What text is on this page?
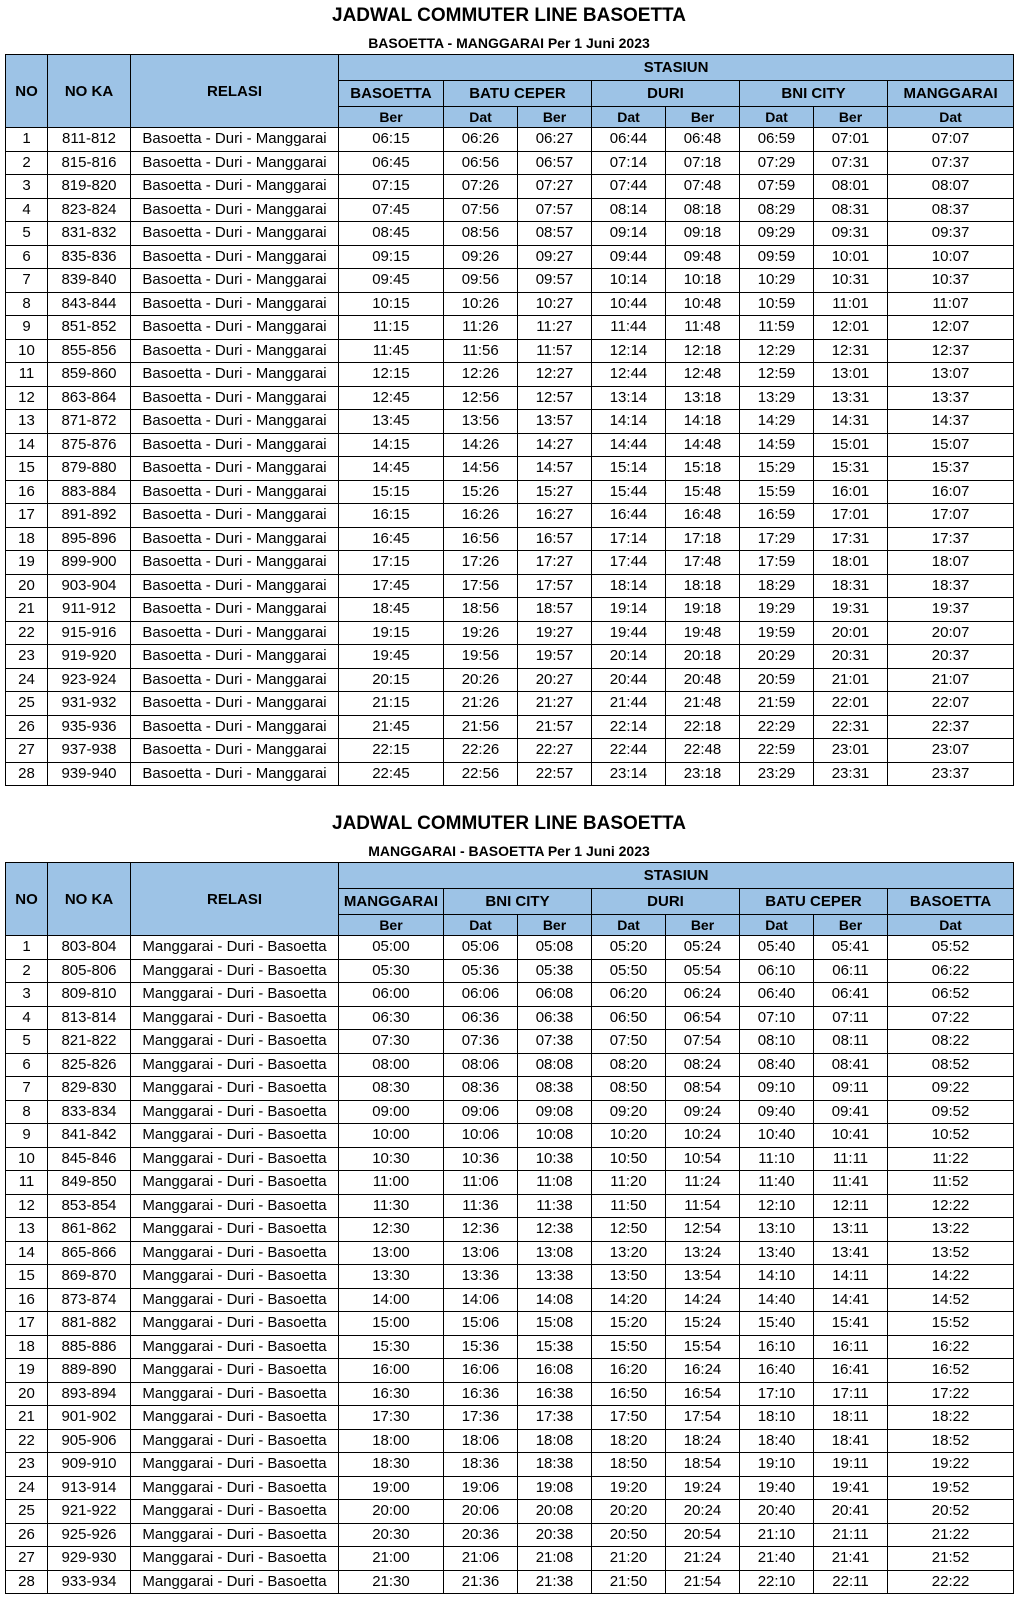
JADWAL COMMUTER LINE BASOETTA
BASOETTA - MANGGARAI Per 1 Juni 2023
NO	NO KA	RELASI	STASIUN							
			BASOETTA	BATU CEPER		DURI		BNI CITY		MANGGARAI
			Ber	Dat	Ber	Dat	Ber	Dat	Ber	Dat
1	811-812	Basoetta - Duri - Manggarai	06:15	06:26	06:27	06:44	06:48	06:59	07:01	07:07
2	815-816	Basoetta - Duri - Manggarai	06:45	06:56	06:57	07:14	07:18	07:29	07:31	07:37
3	819-820	Basoetta - Duri - Manggarai	07:15	07:26	07:27	07:44	07:48	07:59	08:01	08:07
4	823-824	Basoetta - Duri - Manggarai	07:45	07:56	07:57	08:14	08:18	08:29	08:31	08:37
5	831-832	Basoetta - Duri - Manggarai	08:45	08:56	08:57	09:14	09:18	09:29	09:31	09:37
6	835-836	Basoetta - Duri - Manggarai	09:15	09:26	09:27	09:44	09:48	09:59	10:01	10:07
7	839-840	Basoetta - Duri - Manggarai	09:45	09:56	09:57	10:14	10:18	10:29	10:31	10:37
8	843-844	Basoetta - Duri - Manggarai	10:15	10:26	10:27	10:44	10:48	10:59	11:01	11:07
9	851-852	Basoetta - Duri - Manggarai	11:15	11:26	11:27	11:44	11:48	11:59	12:01	12:07
10	855-856	Basoetta - Duri - Manggarai	11:45	11:56	11:57	12:14	12:18	12:29	12:31	12:37
11	859-860	Basoetta - Duri - Manggarai	12:15	12:26	12:27	12:44	12:48	12:59	13:01	13:07
12	863-864	Basoetta - Duri - Manggarai	12:45	12:56	12:57	13:14	13:18	13:29	13:31	13:37
13	871-872	Basoetta - Duri - Manggarai	13:45	13:56	13:57	14:14	14:18	14:29	14:31	14:37
14	875-876	Basoetta - Duri - Manggarai	14:15	14:26	14:27	14:44	14:48	14:59	15:01	15:07
15	879-880	Basoetta - Duri - Manggarai	14:45	14:56	14:57	15:14	15:18	15:29	15:31	15:37
16	883-884	Basoetta - Duri - Manggarai	15:15	15:26	15:27	15:44	15:48	15:59	16:01	16:07
17	891-892	Basoetta - Duri - Manggarai	16:15	16:26	16:27	16:44	16:48	16:59	17:01	17:07
18	895-896	Basoetta - Duri - Manggarai	16:45	16:56	16:57	17:14	17:18	17:29	17:31	17:37
19	899-900	Basoetta - Duri - Manggarai	17:15	17:26	17:27	17:44	17:48	17:59	18:01	18:07
20	903-904	Basoetta - Duri - Manggarai	17:45	17:56	17:57	18:14	18:18	18:29	18:31	18:37
21	911-912	Basoetta - Duri - Manggarai	18:45	18:56	18:57	19:14	19:18	19:29	19:31	19:37
22	915-916	Basoetta - Duri - Manggarai	19:15	19:26	19:27	19:44	19:48	19:59	20:01	20:07
23	919-920	Basoetta - Duri - Manggarai	19:45	19:56	19:57	20:14	20:18	20:29	20:31	20:37
24	923-924	Basoetta - Duri - Manggarai	20:15	20:26	20:27	20:44	20:48	20:59	21:01	21:07
25	931-932	Basoetta - Duri - Manggarai	21:15	21:26	21:27	21:44	21:48	21:59	22:01	22:07
26	935-936	Basoetta - Duri - Manggarai	21:45	21:56	21:57	22:14	22:18	22:29	22:31	22:37
27	937-938	Basoetta - Duri - Manggarai	22:15	22:26	22:27	22:44	22:48	22:59	23:01	23:07
28	939-940	Basoetta - Duri - Manggarai	22:45	22:56	22:57	23:14	23:18	23:29	23:31	23:37
JADWAL COMMUTER LINE BASOETTA
MANGGARAI - BASOETTA Per 1 Juni 2023
NO	NO KA	RELASI	STASIUN							
			MANGGARAI	BNI CITY		DURI		BATU CEPER		BASOETTA
			Ber	Dat	Ber	Dat	Ber	Dat	Ber	Dat
1	803-804	Manggarai - Duri - Basoetta	05:00	05:06	05:08	05:20	05:24	05:40	05:41	05:52
2	805-806	Manggarai - Duri - Basoetta	05:30	05:36	05:38	05:50	05:54	06:10	06:11	06:22
3	809-810	Manggarai - Duri - Basoetta	06:00	06:06	06:08	06:20	06:24	06:40	06:41	06:52
4	813-814	Manggarai - Duri - Basoetta	06:30	06:36	06:38	06:50	06:54	07:10	07:11	07:22
5	821-822	Manggarai - Duri - Basoetta	07:30	07:36	07:38	07:50	07:54	08:10	08:11	08:22
6	825-826	Manggarai - Duri - Basoetta	08:00	08:06	08:08	08:20	08:24	08:40	08:41	08:52
7	829-830	Manggarai - Duri - Basoetta	08:30	08:36	08:38	08:50	08:54	09:10	09:11	09:22
8	833-834	Manggarai - Duri - Basoetta	09:00	09:06	09:08	09:20	09:24	09:40	09:41	09:52
9	841-842	Manggarai - Duri - Basoetta	10:00	10:06	10:08	10:20	10:24	10:40	10:41	10:52
10	845-846	Manggarai - Duri - Basoetta	10:30	10:36	10:38	10:50	10:54	11:10	11:11	11:22
11	849-850	Manggarai - Duri - Basoetta	11:00	11:06	11:08	11:20	11:24	11:40	11:41	11:52
12	853-854	Manggarai - Duri - Basoetta	11:30	11:36	11:38	11:50	11:54	12:10	12:11	12:22
13	861-862	Manggarai - Duri - Basoetta	12:30	12:36	12:38	12:50	12:54	13:10	13:11	13:22
14	865-866	Manggarai - Duri - Basoetta	13:00	13:06	13:08	13:20	13:24	13:40	13:41	13:52
15	869-870	Manggarai - Duri - Basoetta	13:30	13:36	13:38	13:50	13:54	14:10	14:11	14:22
16	873-874	Manggarai - Duri - Basoetta	14:00	14:06	14:08	14:20	14:24	14:40	14:41	14:52
17	881-882	Manggarai - Duri - Basoetta	15:00	15:06	15:08	15:20	15:24	15:40	15:41	15:52
18	885-886	Manggarai - Duri - Basoetta	15:30	15:36	15:38	15:50	15:54	16:10	16:11	16:22
19	889-890	Manggarai - Duri - Basoetta	16:00	16:06	16:08	16:20	16:24	16:40	16:41	16:52
20	893-894	Manggarai - Duri - Basoetta	16:30	16:36	16:38	16:50	16:54	17:10	17:11	17:22
21	901-902	Manggarai - Duri - Basoetta	17:30	17:36	17:38	17:50	17:54	18:10	18:11	18:22
22	905-906	Manggarai - Duri - Basoetta	18:00	18:06	18:08	18:20	18:24	18:40	18:41	18:52
23	909-910	Manggarai - Duri - Basoetta	18:30	18:36	18:38	18:50	18:54	19:10	19:11	19:22
24	913-914	Manggarai - Duri - Basoetta	19:00	19:06	19:08	19:20	19:24	19:40	19:41	19:52
25	921-922	Manggarai - Duri - Basoetta	20:00	20:06	20:08	20:20	20:24	20:40	20:41	20:52
26	925-926	Manggarai - Duri - Basoetta	20:30	20:36	20:38	20:50	20:54	21:10	21:11	21:22
27	929-930	Manggarai - Duri - Basoetta	21:00	21:06	21:08	21:20	21:24	21:40	21:41	21:52
28	933-934	Manggarai - Duri - Basoetta	21:30	21:36	21:38	21:50	21:54	22:10	22:11	22:22
